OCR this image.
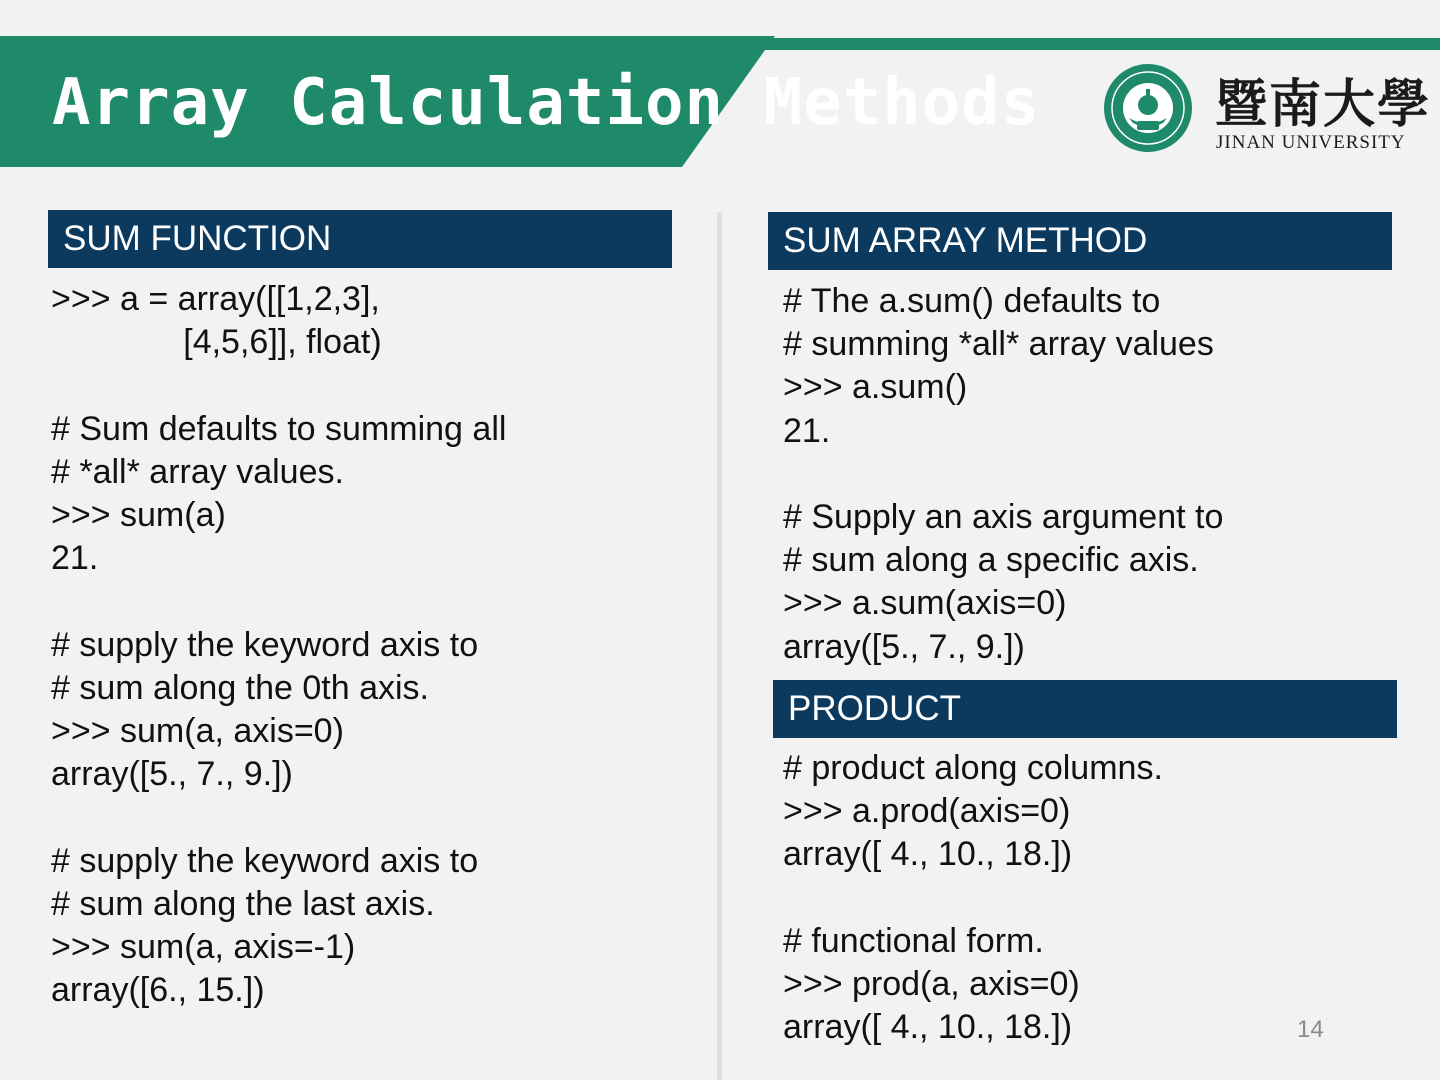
Array Calculation Methods	暨南大學
JINAN UNIVERSITY
SUM FUNCTION
>>> a = array([[1,2,3],
[4,5,6]], float)

# Sum defaults to summing all
# *all* array values.
>>> sum(a)
21.

# supply the keyword axis to
# sum along the 0th axis.
>>> sum(a, axis=0)
array([5., 7., 9.])

# supply the keyword axis to
# sum along the last axis.
>>> sum(a, axis=-1)
array([6., 15.])
SUM ARRAY METHOD
# The a.sum() defaults to
# summing *all* array values
>>> a.sum()
21.

# Supply an axis argument to
# sum along a specific axis.
>>> a.sum(axis=0)
array([5., 7., 9.])
PRODUCT
# product along columns.
>>> a.prod(axis=0)
array([ 4., 10., 18.])

# functional form.
>>> prod(a, axis=0)
array([ 4., 10., 18.])	14
